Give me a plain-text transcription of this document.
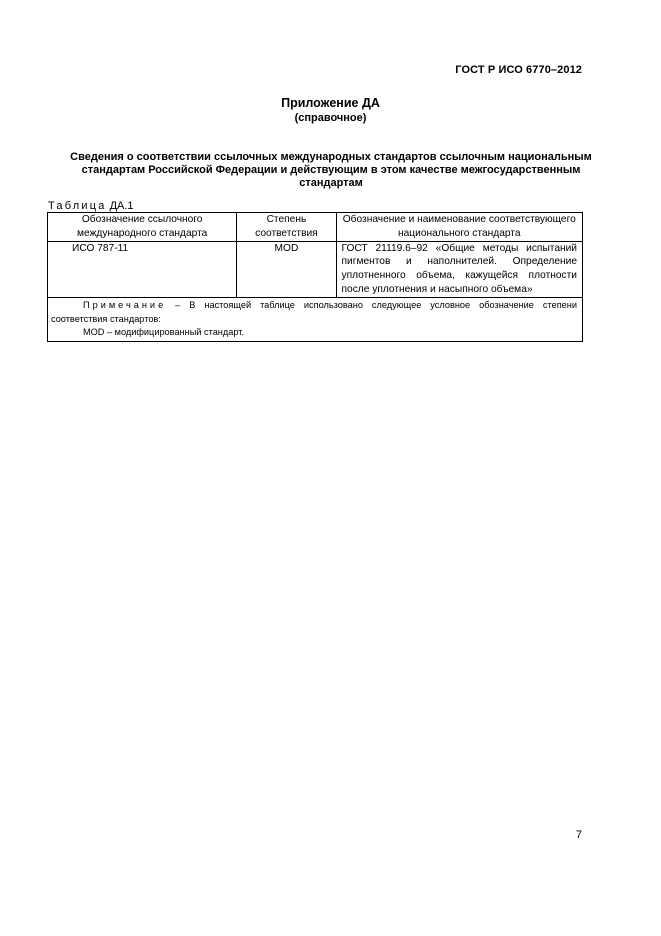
ГОСТ Р ИСО 6770–2012
Приложение ДА
(справочное)
Сведения о соответствии ссылочных международных стандартов ссылочным национальным стандартам Российской Федерации и действующим в этом качестве межгосударственным стандартам
Таблица ДА.1
Обозначение ссылочного международного стандарта	Степень соответствия	Обозначение и наименование соответствующего национального стандарта
ИСО 787-11	MOD	ГОСТ 21119.6–92 «Общие методы испытаний пигментов и наполнителей. Определение уплотненного объема, кажущейся плотности после уплотнения и насыпного объема»
Примечание – В настоящей таблице использовано следующее условное обозначение степени соответствия стандартов:
MOD – модифицированный стандарт.		
7
